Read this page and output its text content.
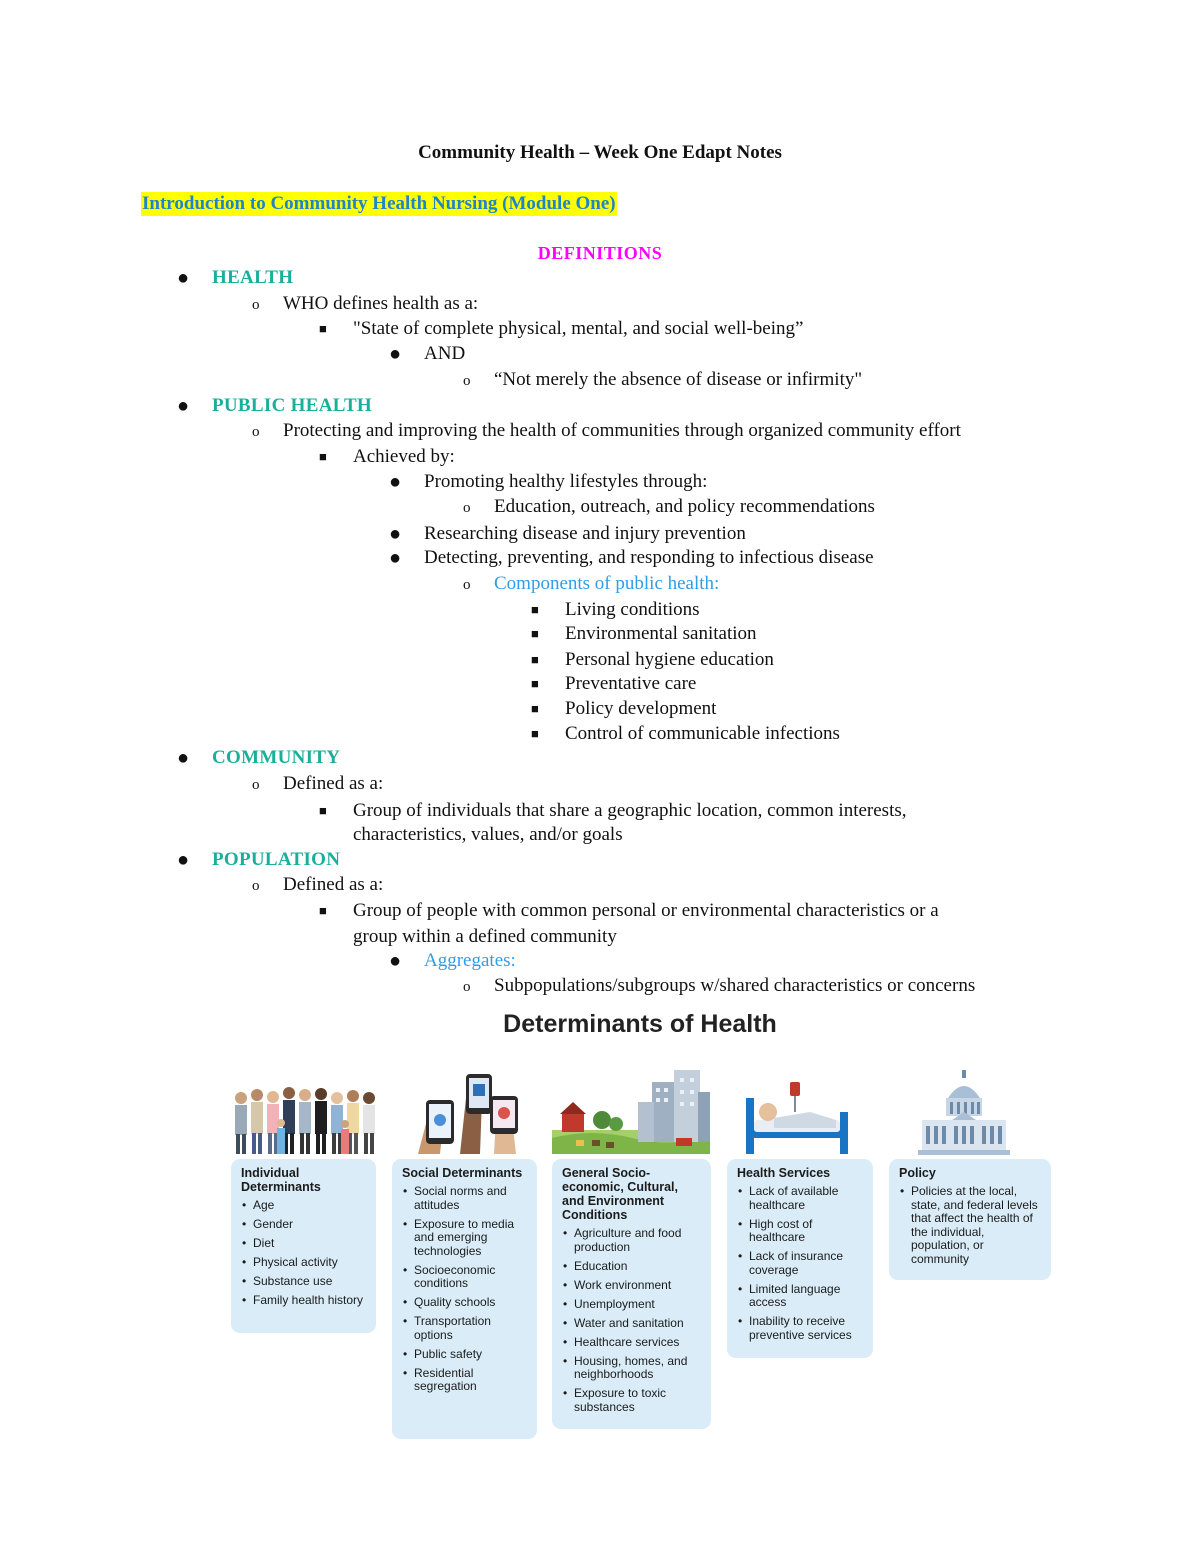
Community Health – Week One Edapt Notes
Introduction to Community Health Nursing (Module One)
DEFINITIONS
● HEALTH
o WHO defines health as a:
■ "State of complete physical, mental, and social well-being”
● AND
o “Not merely the absence of disease or infirmity"
● PUBLIC HEALTH
o Protecting and improving the health of communities through organized community effort
■ Achieved by:
● Promoting healthy lifestyles through:
o Education, outreach, and policy recommendations
● Researching disease and injury prevention
● Detecting, preventing, and responding to infectious disease
o Components of public health:
■ Living conditions
■ Environmental sanitation
■ Personal hygiene education
■ Preventative care
■ Policy development
■ Control of communicable infections
● COMMUNITY
o Defined as a:
■ Group of individuals that share a geographic location, common interests,
characteristics, values, and/or goals
● POPULATION
o Defined as a:
■ Group of people with common personal or environmental characteristics or a
group within a defined community
● Aggregates:
o Subpopulations/subgroups w/shared characteristics or concerns
Determinants of Health
Individual Determinants
• Age
• Gender
• Diet
• Physical activity
• Substance use
• Family health history
Social Determinants
• Social norms and attitudes
• Exposure to media and emerging technologies
• Socioeconomic conditions
• Quality schools
• Transportation options
• Public safety
• Residential segregation
General Socio-economic, Cultural, and Environment Conditions
• Agriculture and food production
• Education
• Work environment
• Unemployment
• Water and sanitation
• Healthcare services
• Housing, homes, and neighborhoods
• Exposure to toxic substances
Health Services
• Lack of available healthcare
• High cost of healthcare
• Lack of insurance coverage
• Limited language access
• Inability to receive preventive services
Policy
• Policies at the local, state, and federal levels that affect the health of the individual, population, or community
